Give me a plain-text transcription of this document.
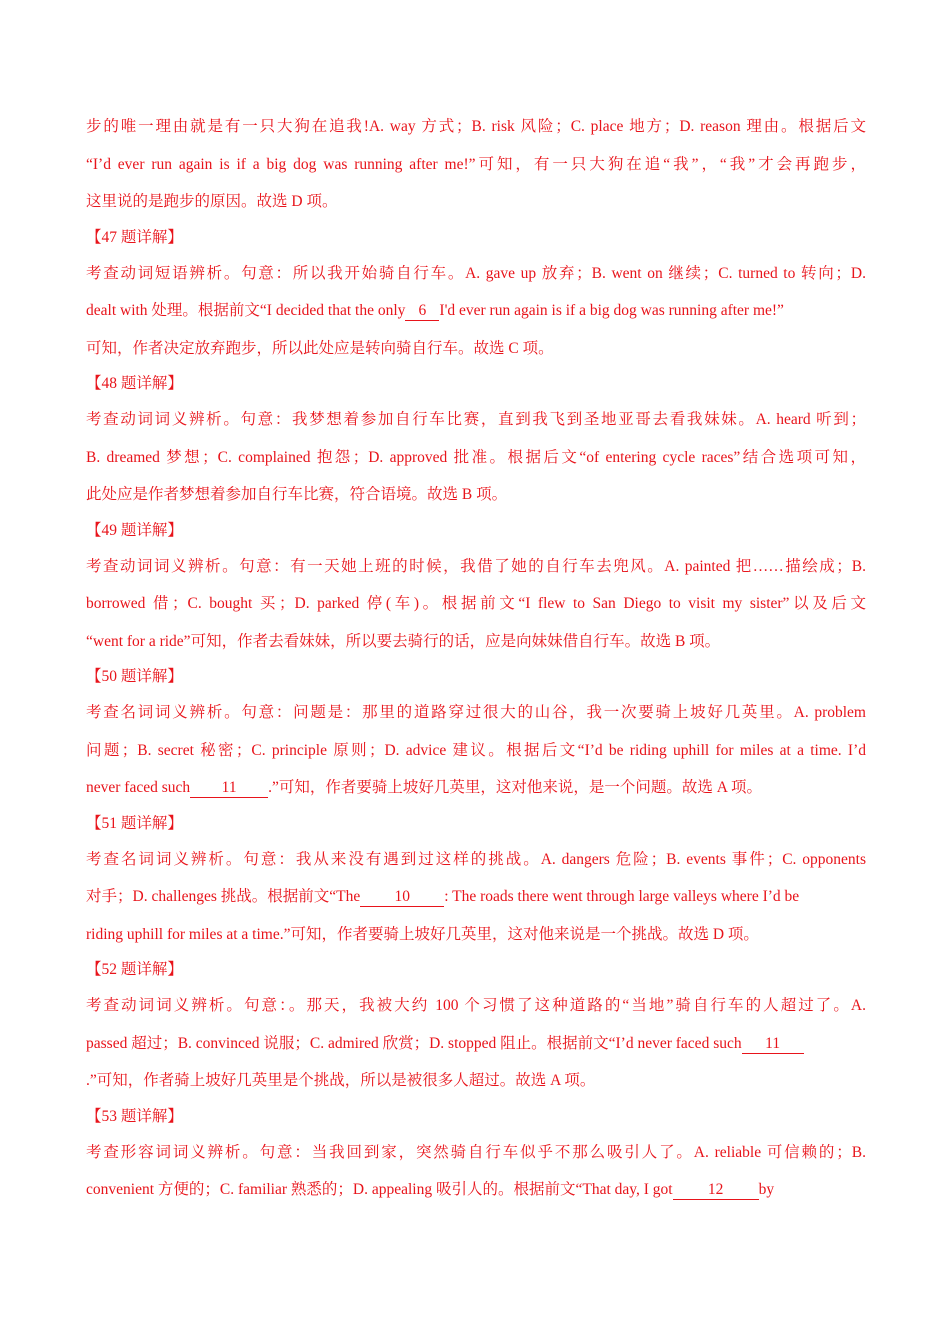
步的唯一理由就是有一只大狗在追我!A. way 方式；B. risk 风险；C. place 地方；D. reason 理由。根据后文
“I’d ever run again is if a big dog was running after me!”可知，有一只大狗在追“我”，“我”才会再跑步，
这里说的是跑步的原因。故选 D 项。
【47 题详解】
考查动词短语辨析。句意：所以我开始骑自行车。A. gave up 放弃；B. went on 继续；C. turned to 转向；D.
dealt with 处理。根据前文“I decided that the only 6 I'd ever run again is if a big dog was running after me!”
可知，作者决定放弃跑步，所以此处应是转向骑自行车。故选 C 项。
【48 题详解】
考查动词词义辨析。句意：我梦想着参加自行车比赛，直到我飞到圣地亚哥去看我妹妹。A. heard 听到；
B. dreamed 梦想；C. complained 抱怨；D. approved 批准。根据后文“of entering cycle races”结合选项可知，
此处应是作者梦想着参加自行车比赛，符合语境。故选 B 项。
【49 题详解】
考查动词词义辨析。句意：有一天她上班的时候，我借了她的自行车去兜风。A. painted 把……描绘成；B.
borrowed 借；C. bought 买；D. parked 停(车)。根据前文“I flew to San Diego to visit my sister”以及后文
“went for a ride”可知，作者去看妹妹，所以要去骑行的话，应是向妹妹借自行车。故选 B 项。
【50 题详解】
考查名词词义辨析。句意：问题是：那里的道路穿过很大的山谷，我一次要骑上坡好几英里。A. problem
问题；B. secret 秘密；C. principle 原则；D. advice 建议。根据后文“I’d be riding uphill for miles at a time. I’d
never faced such 11 .”可知，作者要骑上坡好几英里，这对他来说，是一个问题。故选 A 项。
【51 题详解】
考查名词词义辨析。句意：我从来没有遇到过这样的挑战。A. dangers 危险；B. events 事件；C. opponents
对手；D. challenges 挑战。根据前文“The 10 : The roads there went through large valleys where I’d be
riding uphill for miles at a time.”可知，作者要骑上坡好几英里，这对他来说是一个挑战。故选 D 项。
【52 题详解】
考查动词词义辨析。句意：。那天，我被大约 100 个习惯了这种道路的“当地”骑自行车的人超过了。A.
passed 超过；B. convinced 说服；C. admired 欣赏；D. stopped 阻止。根据前文“I’d never faced such 11
.”可知，作者骑上坡好几英里是个挑战，所以是被很多人超过。故选 A 项。
【53 题详解】
考查形容词词义辨析。句意：当我回到家，突然骑自行车似乎不那么吸引人了。A. reliable 可信赖的；B.
convenient 方便的；C. familiar 熟悉的；D. appealing 吸引人的。根据前文“That day, I got 12 by
